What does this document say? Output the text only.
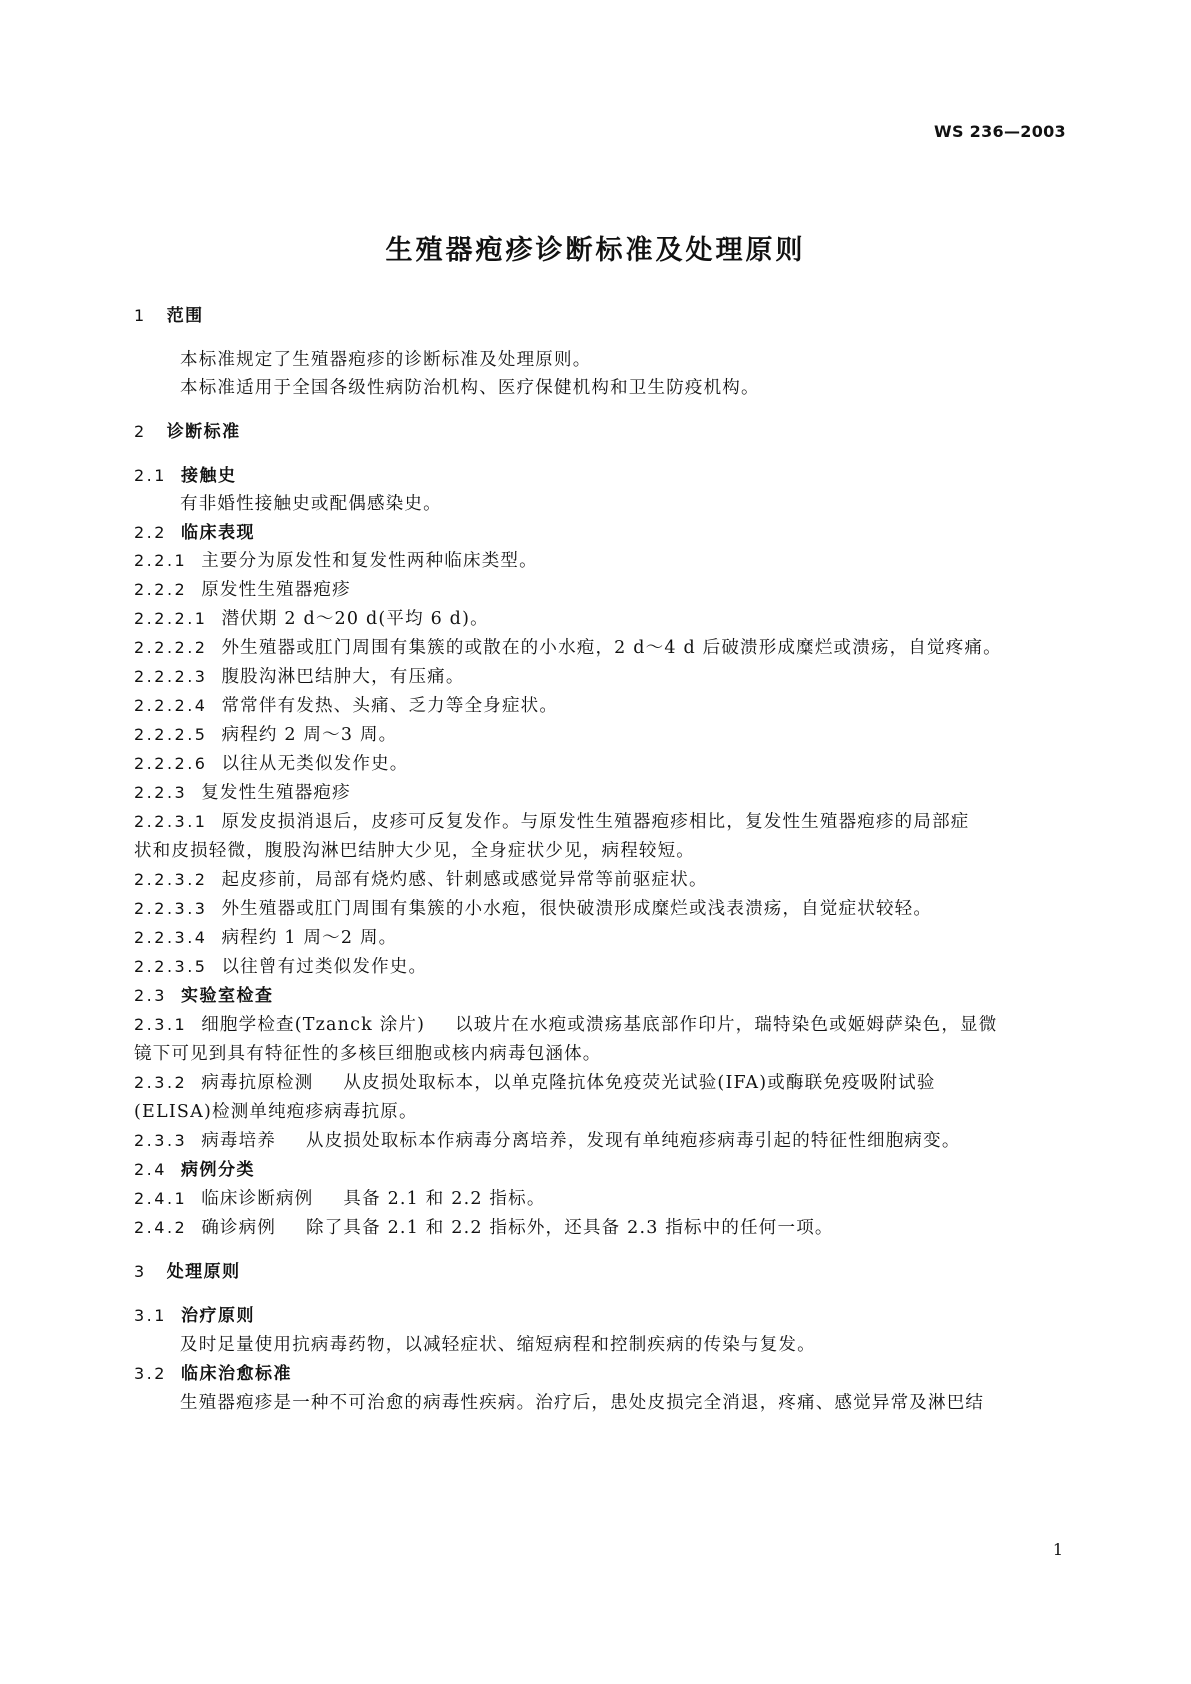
WS 236—2003
生殖器疱疹诊断标准及处理原则
1 范围
本标准规定了生殖器疱疹的诊断标准及处理原则。
本标准适用于全国各级性病防治机构、医疗保健机构和卫生防疫机构。
2 诊断标准
2.1 接触史
有非婚性接触史或配偶感染史。
2.2 临床表现
2.2.1 主要分为原发性和复发性两种临床类型。
2.2.2 原发性生殖器疱疹
2.2.2.1 潜伏期 2 d～20 d(平均 6 d)。
2.2.2.2 外生殖器或肛门周围有集簇的或散在的小水疱，2 d～4 d 后破溃形成糜烂或溃疡，自觉疼痛。
2.2.2.3 腹股沟淋巴结肿大，有压痛。
2.2.2.4 常常伴有发热、头痛、乏力等全身症状。
2.2.2.5 病程约 2 周～3 周。
2.2.2.6 以往从无类似发作史。
2.2.3 复发性生殖器疱疹
2.2.3.1 原发皮损消退后，皮疹可反复发作。与原发性生殖器疱疹相比，复发性生殖器疱疹的局部症
状和皮损轻微，腹股沟淋巴结肿大少见，全身症状少见，病程较短。
2.2.3.2 起皮疹前，局部有烧灼感、针刺感或感觉异常等前驱症状。
2.2.3.3 外生殖器或肛门周围有集簇的小水疱，很快破溃形成糜烂或浅表溃疡，自觉症状较轻。
2.2.3.4 病程约 1 周～2 周。
2.2.3.5 以往曾有过类似发作史。
2.3 实验室检查
2.3.1 细胞学检查(Tzanck 涂片) 以玻片在水疱或溃疡基底部作印片，瑞特染色或姬姆萨染色，显微
镜下可见到具有特征性的多核巨细胞或核内病毒包涵体。
2.3.2 病毒抗原检测 从皮损处取标本，以单克隆抗体免疫荧光试验(IFA)或酶联免疫吸附试验
(ELISA)检测单纯疱疹病毒抗原。
2.3.3 病毒培养 从皮损处取标本作病毒分离培养，发现有单纯疱疹病毒引起的特征性细胞病变。
2.4 病例分类
2.4.1 临床诊断病例 具备 2.1 和 2.2 指标。
2.4.2 确诊病例 除了具备 2.1 和 2.2 指标外，还具备 2.3 指标中的任何一项。
3 处理原则
3.1 治疗原则
及时足量使用抗病毒药物，以减轻症状、缩短病程和控制疾病的传染与复发。
3.2 临床治愈标准
生殖器疱疹是一种不可治愈的病毒性疾病。治疗后，患处皮损完全消退，疼痛、感觉异常及淋巴结
1
